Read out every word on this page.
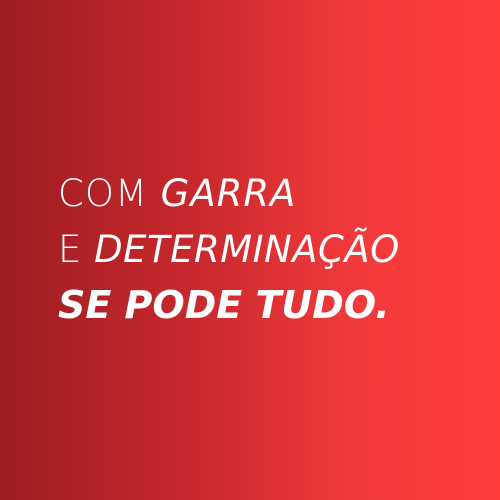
COM GARRA
E DETERMINAÇÃO
SE PODE TUDO.
